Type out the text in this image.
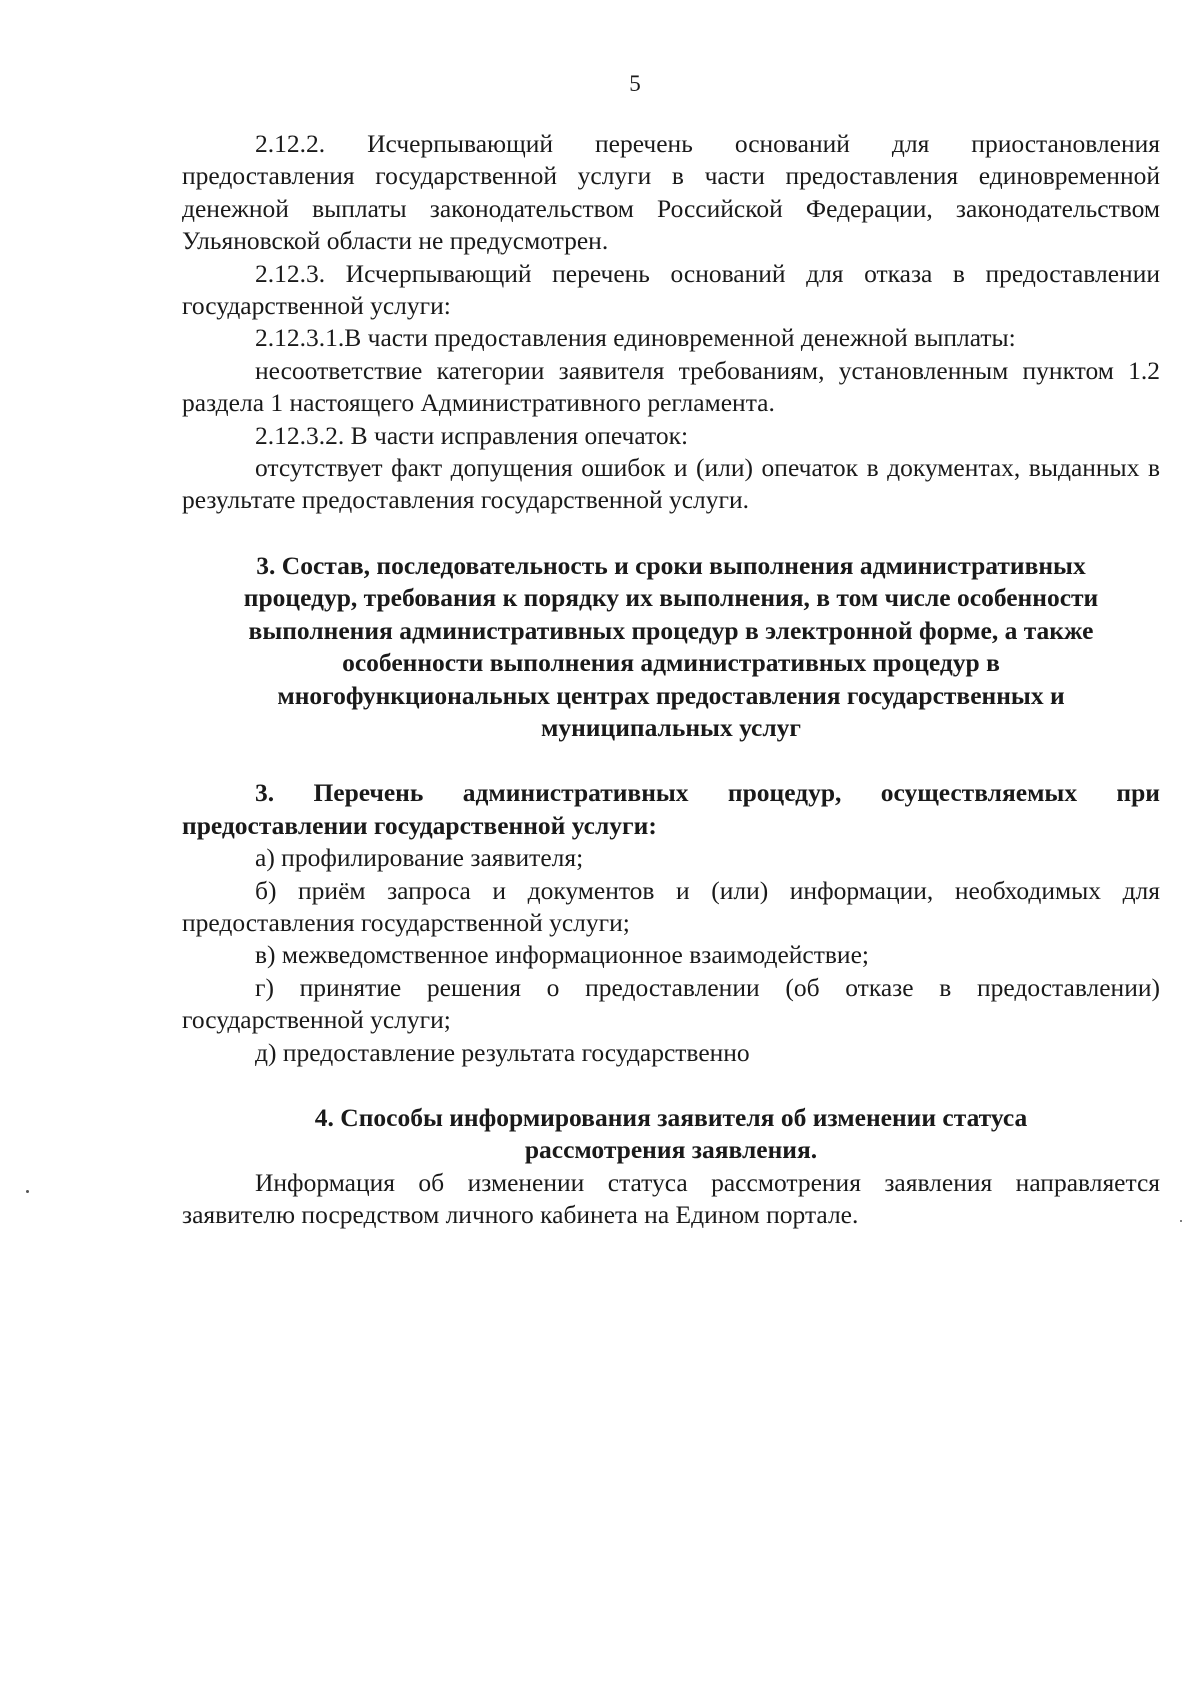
5

2.12.2. Исчерпывающий перечень оснований для приостановления предоставления государственной услуги в части предоставления единовременной денежной выплаты законодательством Российской Федерации, законодательством Ульяновской области не предусмотрен.

2.12.3. Исчерпывающий перечень оснований для отказа в предоставлении государственной услуги:

2.12.3.1.В части предоставления единовременной денежной выплаты:

несоответствие категории заявителя требованиям, установленным пунктом 1.2 раздела 1 настоящего Административного регламента.

2.12.3.2. В части исправления опечаток:

отсутствует факт допущения ошибок и (или) опечаток в документах, выданных в результате предоставления государственной услуги.

3. Состав, последовательность и сроки выполнения административных
процедур, требования к порядку их выполнения, в том числе особенности
выполнения административных процедур в электронной форме, а также
особенности выполнения административных процедур в
многофункциональных центрах предоставления государственных и
муниципальных услуг

3. Перечень административных процедур, осуществляемых при предоставлении государственной услуги:

а) профилирование заявителя;

б) приём запроса и документов и (или) информации, необходимых для предоставления государственной услуги;

в) межведомственное информационное взаимодействие;

г) принятие решения о предоставлении (об отказе в предоставлении) государственной услуги;

д) предоставление результата государственно

4. Способы информирования заявителя об изменении статуса
рассмотрения заявления.

Информация об изменении статуса рассмотрения заявления направляется заявителю посредством личного кабинета на Едином портале.
